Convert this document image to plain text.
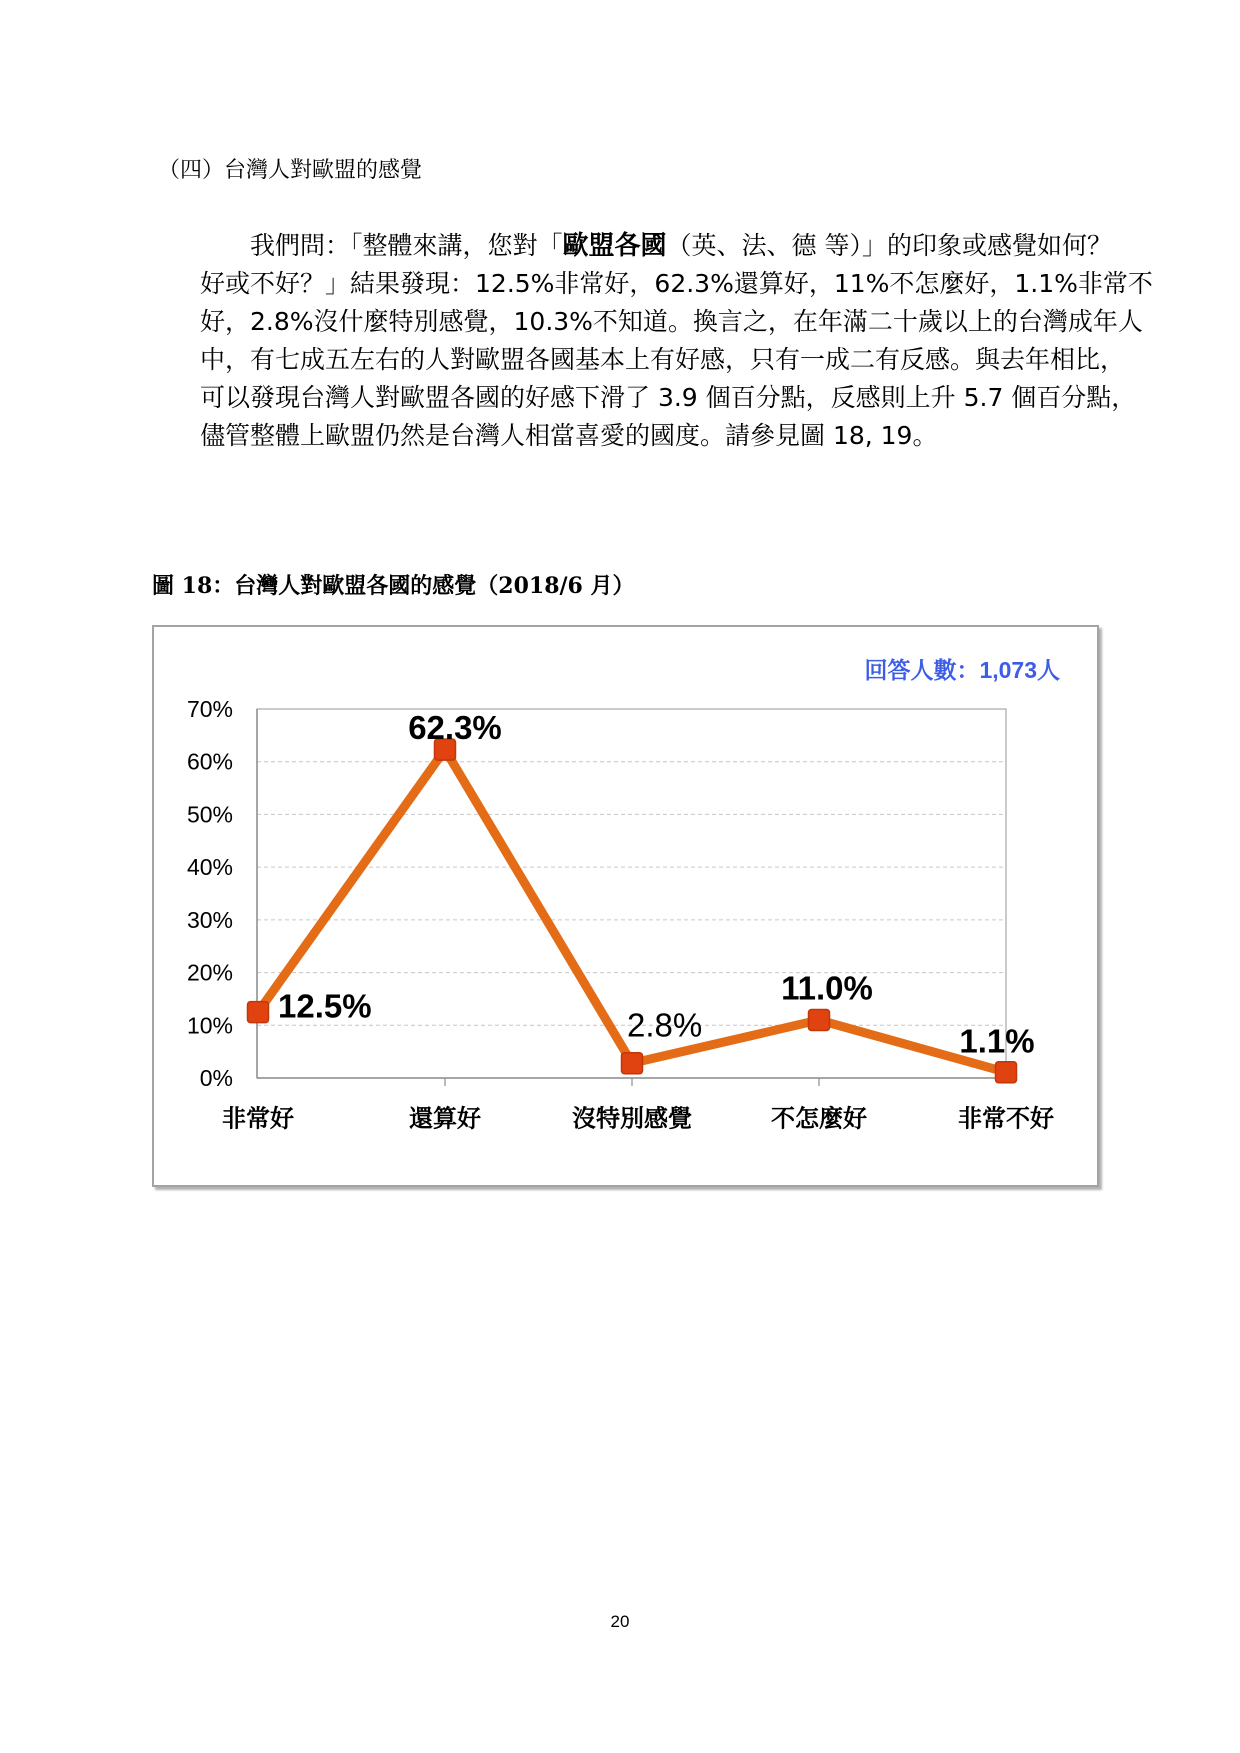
（四）台灣人對歐盟的感覺
我們問：「整體來講，您對「歐盟各國（英、法、德 等）」的印象或感覺如何？
好或不好？」結果發現：12.5%非常好，62.3%還算好，11%不怎麼好，1.1%非常不
好，2.8%沒什麼特別感覺，10.3%不知道。換言之，在年滿二十歲以上的台灣成年人
中，有七成五左右的人對歐盟各國基本上有好感，只有一成二有反感。與去年相比，
可以發現台灣人對歐盟各國的好感下滑了 3.9 個百分點，反感則上升 5.7 個百分點，
儘管整體上歐盟仍然是台灣人相當喜愛的國度。請參見圖 18, 19。
圖 18：台灣人對歐盟各國的感覺（2018/6 月）
0%
10%
20%
30%
40%
50%
60%
70%
非常好	還算好	沒特別感覺	不怎麼好	非常不好
12.5%
62.3%
2.8%
11.0%
1.1%
回答人數：1,073人
20
